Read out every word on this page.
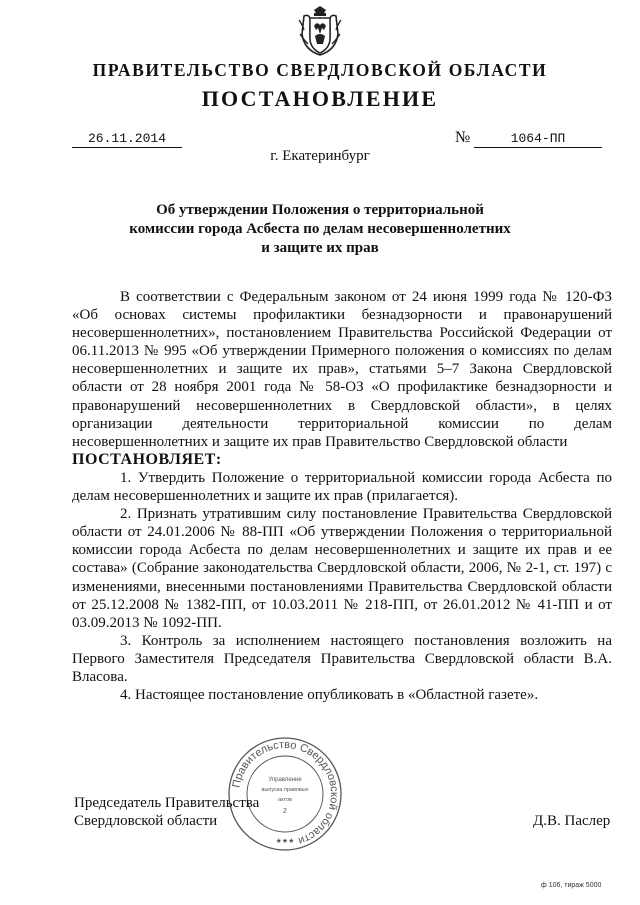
ПРАВИТЕЛЬСТВО СВЕРДЛОВСКОЙ ОБЛАСТИ
ПОСТАНОВЛЕНИЕ
26.11.2014	№	1064-ПП
г. Екатеринбург
Об утверждении Положения о территориальной
комиссии города Асбеста по делам несовершеннолетних
и защите их прав

В соответствии с Федеральным законом от 24 июня 1999 года № 120-ФЗ «Об основах системы профилактики безнадзорности и правонарушений несовершеннолетних», постановлением Правительства Российской Федерации от 06.11.2013 № 995 «Об утверждении Примерного положения о комиссиях по делам несовершеннолетних и защите их прав», статьями 5–7 Закона Свердловской области от 28 ноября 2001 года № 58-ОЗ «О профилактике безнадзорности и правонарушений несовершеннолетних в Свердловской области», в целях организации деятельности территориальной комиссии по делам несовершеннолетних и защите их прав Правительство Свердловской области

ПОСТАНОВЛЯЕТ:

1. Утвердить Положение о территориальной комиссии города Асбеста по делам несовершеннолетних и защите их прав (прилагается).

2. Признать утратившим силу постановление Правительства Свердловской области от 24.01.2006 № 88-ПП «Об утверждении Положения о территориальной комиссии города Асбеста по делам несовершеннолетних и защите их прав и ее состава» (Собрание законодательства Свердловской области, 2006, № 2-1, ст. 197) с изменениями, внесенными постановлениями Правительства Свердловской области от 25.12.2008 № 1382-ПП, от 10.03.2011 № 218-ПП, от 26.01.2012 № 41-ПП и от 03.09.2013 № 1092-ПП.

3. Контроль за исполнением настоящего постановления возложить на Первого Заместителя Председателя Правительства Свердловской области В.А. Власова.

4. Настоящее постановление опубликовать в «Областной газете».

Правительство Свердловской области
Управление
выпуска правовых
актов
2
★★★
Председатель Правительства
Свердловской области	Д.В. Паслер
ф 106, тираж 5000
